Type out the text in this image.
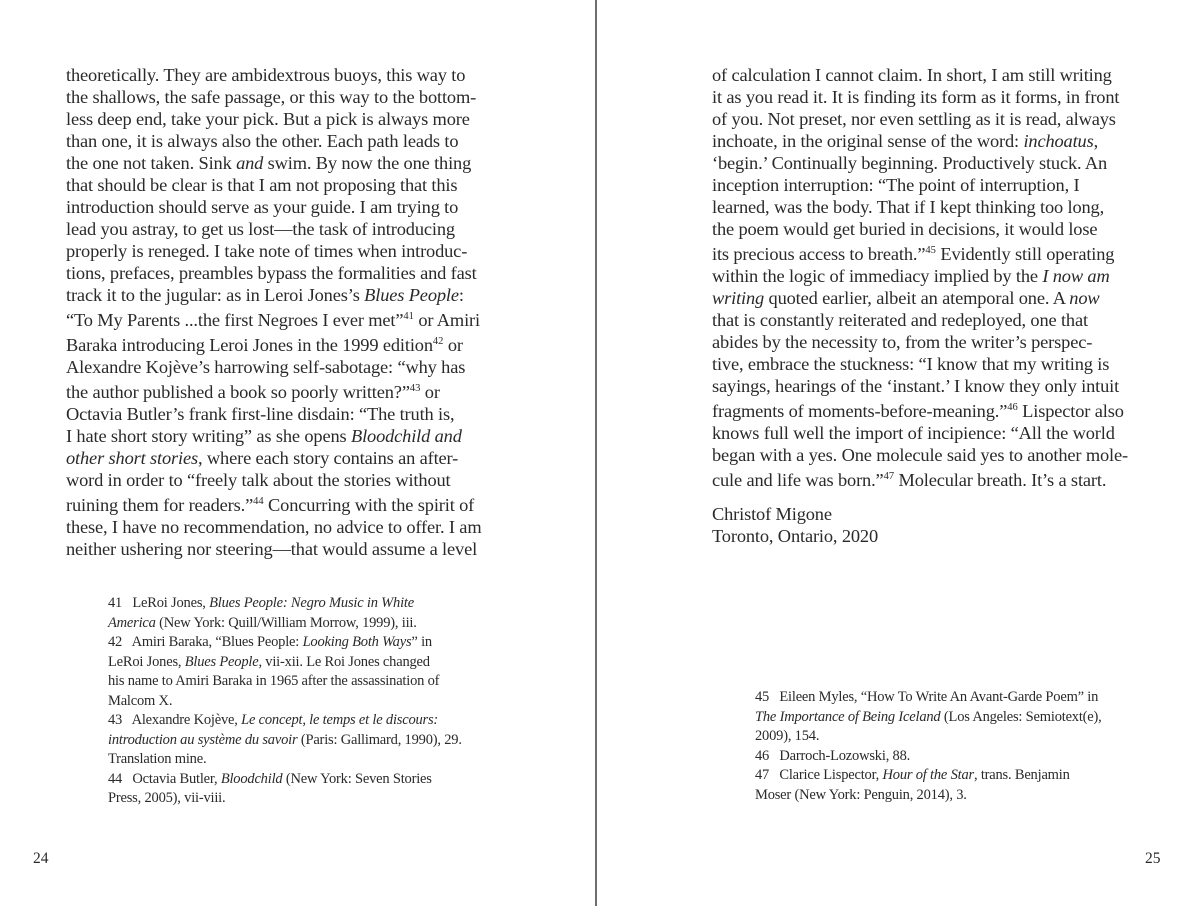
theoretically. They are ambidextrous buoys, this way to
the shallows, the safe passage, or this way to the bottom-
less deep end, take your pick. But a pick is always more
than one, it is always also the other. Each path leads to
the one not taken. Sink and swim. By now the one thing
that should be clear is that I am not proposing that this
introduction should serve as your guide. I am trying to
lead you astray, to get us lost—the task of introducing
properly is reneged. I take note of times when introduc-
tions, prefaces, preambles bypass the formalities and fast
track it to the jugular: as in Leroi Jones’s Blues People:
“To My Parents ...the first Negroes I ever met”$^{41}$ or Amiri
Baraka introducing Leroi Jones in the 1999 edition$^{42}$ or
Alexandre Kojève’s harrowing self-sabotage: “why has
the author published a book so poorly written?”$^{43}$ or
Octavia Butler’s frank first-line disdain: “The truth is,
I hate short story writing” as she opens Bloodchild and
other short stories, where each story contains an after-
word in order to “freely talk about the stories without
ruining them for readers.”$^{44}$ Concurring with the spirit of
these, I have no recommendation, no advice to offer. I am
neither ushering nor steering—that would assume a level
41   LeRoi Jones, Blues People: Negro Music in White
America (New York: Quill/William Morrow, 1999), iii.
42   Amiri Baraka, “Blues People: Looking Both Ways” in
LeRoi Jones, Blues People, vii-xii. Le Roi Jones changed
his name to Amiri Baraka in 1965 after the assassination of
Malcom X.
43   Alexandre Kojève, Le concept, le temps et le discours:
introduction au système du savoir (Paris: Gallimard, 1990), 29.
Translation mine.
44   Octavia Butler, Bloodchild (New York: Seven Stories
Press, 2005), vii-viii.
24
of calculation I cannot claim. In short, I am still writing
it as you read it. It is finding its form as it forms, in front
of you. Not preset, nor even settling as it is read, always
inchoate, in the original sense of the word: inchoatus,
‘begin.’ Continually beginning. Productively stuck. An
inception interruption: “The point of interruption, I
learned, was the body. That if I kept thinking too long,
the poem would get buried in decisions, it would lose
its precious access to breath.”$^{45}$ Evidently still operating
within the logic of immediacy implied by the I now am
writing quoted earlier, albeit an atemporal one. A now
that is constantly reiterated and redeployed, one that
abides by the necessity to, from the writer’s perspec-
tive, embrace the stuckness: “I know that my writing is
sayings, hearings of the ‘instant.’ I know they only intuit
fragments of moments-before-meaning.”$^{46}$ Lispector also
knows full well the import of incipience: “All the world
began with a yes. One molecule said yes to another mole-
cule and life was born.”$^{47}$ Molecular breath. It’s a start.
Christof Migone
Toronto, Ontario, 2020
45   Eileen Myles, “How To Write An Avant-Garde Poem” in
The Importance of Being Iceland (Los Angeles: Semiotext(e),
2009), 154.
46   Darroch-Lozowski, 88.
47   Clarice Lispector, Hour of the Star, trans. Benjamin
Moser (New York: Penguin, 2014), 3.
25
